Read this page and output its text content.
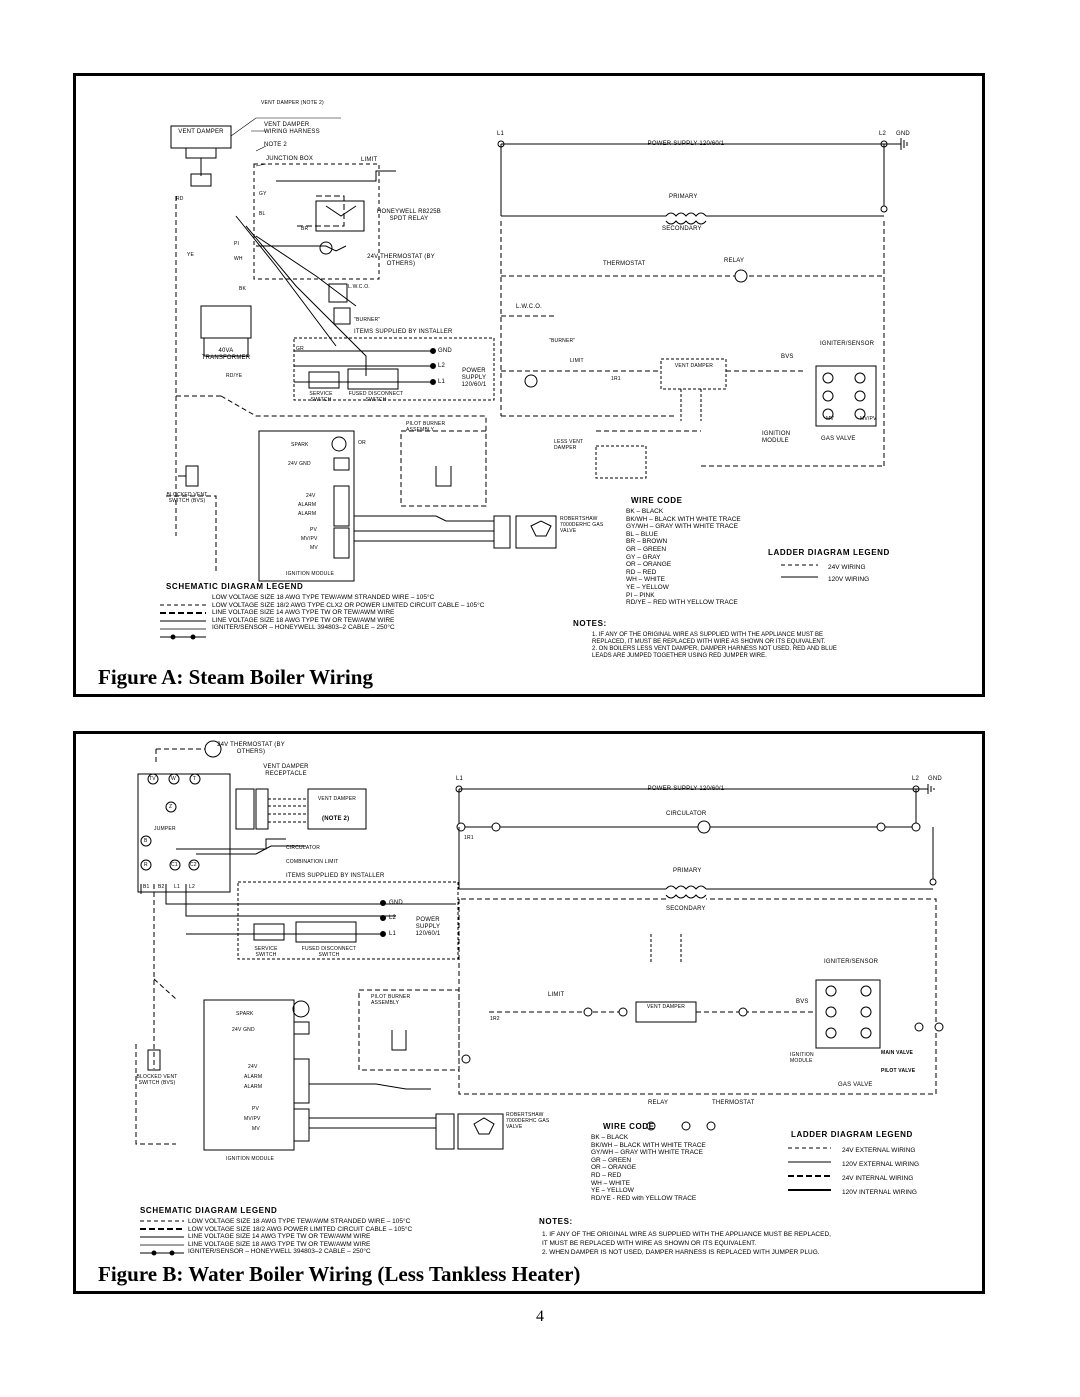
VENT DAMPER (NOTE 2)
VENT DAMPER
VENT DAMPER WIRING HARNESS
NOTE 2
JUNCTION BOX	LIMIT
HONEYWELL R8225B SPDT RELAY
24V THERMOSTAT (BY OTHERS)
L.W.C.O.
"BURNER"
ITEMS SUPPLIED BY INSTALLER
40VA TRANSFORMER
GND
L2
L1
POWER SUPPLY 120/60/1
SERVICE SWITCH
FUSED DISCONNECT SWITCH
PILOT BURNER ASSEMBLY
SPARK
24V GND
24V
ALARM
ALARM
PV
MV/PV
MV
IGNITION MODULE
BLOCKED VENT SWITCH (BVS)
ROBERTSHAW 7000DERHC GAS VALVE
RD
GY
BL
YE
WH
BK
BR
OR
PI
GR
RD/YE
L1	L2 GND
POWER SUPPLY 120/60/1
PRIMARY
SECONDARY
THERMOSTAT	RELAY
L.W.C.O.
"BURNER"
LIMIT
VENT DAMPER
LESS VENT DAMPER
IGNITER/SENSOR
BVS
IGNITION MODULE	GAS VALVE
MV	MV/PV
1R1
SCHEMATIC DIAGRAM LEGEND
LOW VOLTAGE SIZE 18 AWG TYPE TEW/AWM STRANDED WIRE – 105°C
LOW VOLTAGE SIZE 18/2 AWG TYPE CLX2 OR POWER LIMITED CIRCUIT CABLE – 105°C
LINE VOLTAGE SIZE 14 AWG TYPE TW OR TEW/AWM WIRE
LINE VOLTAGE SIZE 18 AWG TYPE TW OR TEW/AWM WIRE
IGNITER/SENSOR – HONEYWELL 394803–2 CABLE – 250°C
WIRE CODE
BK – BLACK
BK/WH – BLACK WITH WHITE TRACE
GY/WH – GRAY WITH WHITE TRACE
BL – BLUE
BR – BROWN
GR – GREEN
GY – GRAY
OR – ORANGE
RD – RED
WH – WHITE
YE – YELLOW
PI – PINK
RD/YE – RED WITH YELLOW TRACE
LADDER DIAGRAM LEGEND
24V WIRING
120V WIRING
NOTES:
1. IF ANY OF THE ORIGINAL WIRE AS SUPPLIED WITH THE APPLIANCE MUST BE
REPLACED, IT MUST BE REPLACED WITH WIRE AS SHOWN OR ITS EQUIVALENT.
2. ON BOILERS LESS VENT DAMPER, DAMPER HARNESS NOT USED. RED AND BLUE
LEADS ARE JUMPED TOGETHER USING RED JUMPER WIRE.
Figure A: Steam Boiler Wiring
24V THERMOSTAT (BY OTHERS)
VENT DAMPER RECEPTACLE
VENT DAMPER
(NOTE 2)
JUMPER
CIRCULATOR
COMBINATION LIMIT
ITEMS SUPPLIED BY INSTALLER
GND
L2
L1
POWER SUPPLY 120/60/1
SERVICE SWITCH
FUSED DISCONNECT SWITCH
PILOT BURNER ASSEMBLY
SPARK
24V GND
24V
ALARM
ALARM
PV
MV/PV
MV
IGNITION MODULE
BLOCKED VENT SWITCH (BVS)
ROBERTSHAW 7000DERHC GAS VALVE
TV	W	T
Z
B
R	C1 C2
B1 B2 L1 L2
L1	L2 GND
POWER SUPPLY 120/60/1
CIRCULATOR
PRIMARY
SECONDARY
LIMIT
VENT DAMPER
BVS
IGNITER/SENSOR
IGNITION MODULE
MAIN VALVE
PILOT VALVE
GAS VALVE
RELAY	THERMOSTAT
1R1
1R2
SCHEMATIC DIAGRAM LEGEND
LOW VOLTAGE SIZE 18 AWG TYPE TEW/AWM STRANDED WIRE – 105°C
LOW VOLTAGE SIZE 18/2 AWG POWER LIMITED CIRCUIT CABLE – 105°C
LINE VOLTAGE SIZE 14 AWG TYPE TW OR TEW/AWM WIRE
LINE VOLTAGE SIZE 18 AWG TYPE TW OR TEW/AWM WIRE
IGNITER/SENSOR – HONEYWELL 394803–2 CABLE – 250°C
WIRE CODE
BK – BLACK
BK/WH – BLACK WITH WHITE TRACE
GY/WH – GRAY WITH WHITE TRACE
GR – GREEN
OR – ORANGE
RD – RED
WH – WHITE
YE – YELLOW
RD/YE - RED with YELLOW TRACE
LADDER DIAGRAM LEGEND
24V EXTERNAL WIRING
120V EXTERNAL WIRING
24V INTERNAL WIRING
120V INTERNAL WIRING
NOTES:
1. IF ANY OF THE ORIGINAL WIRE AS SUPPLIED WITH THE APPLIANCE MUST BE REPLACED,
IT MUST BE REPLACED WITH WIRE AS SHOWN OR ITS EQUIVALENT.
2. WHEN DAMPER IS NOT USED, DAMPER HARNESS IS REPLACED WITH JUMPER PLUG.
Figure B: Water Boiler Wiring (Less Tankless Heater)
4
